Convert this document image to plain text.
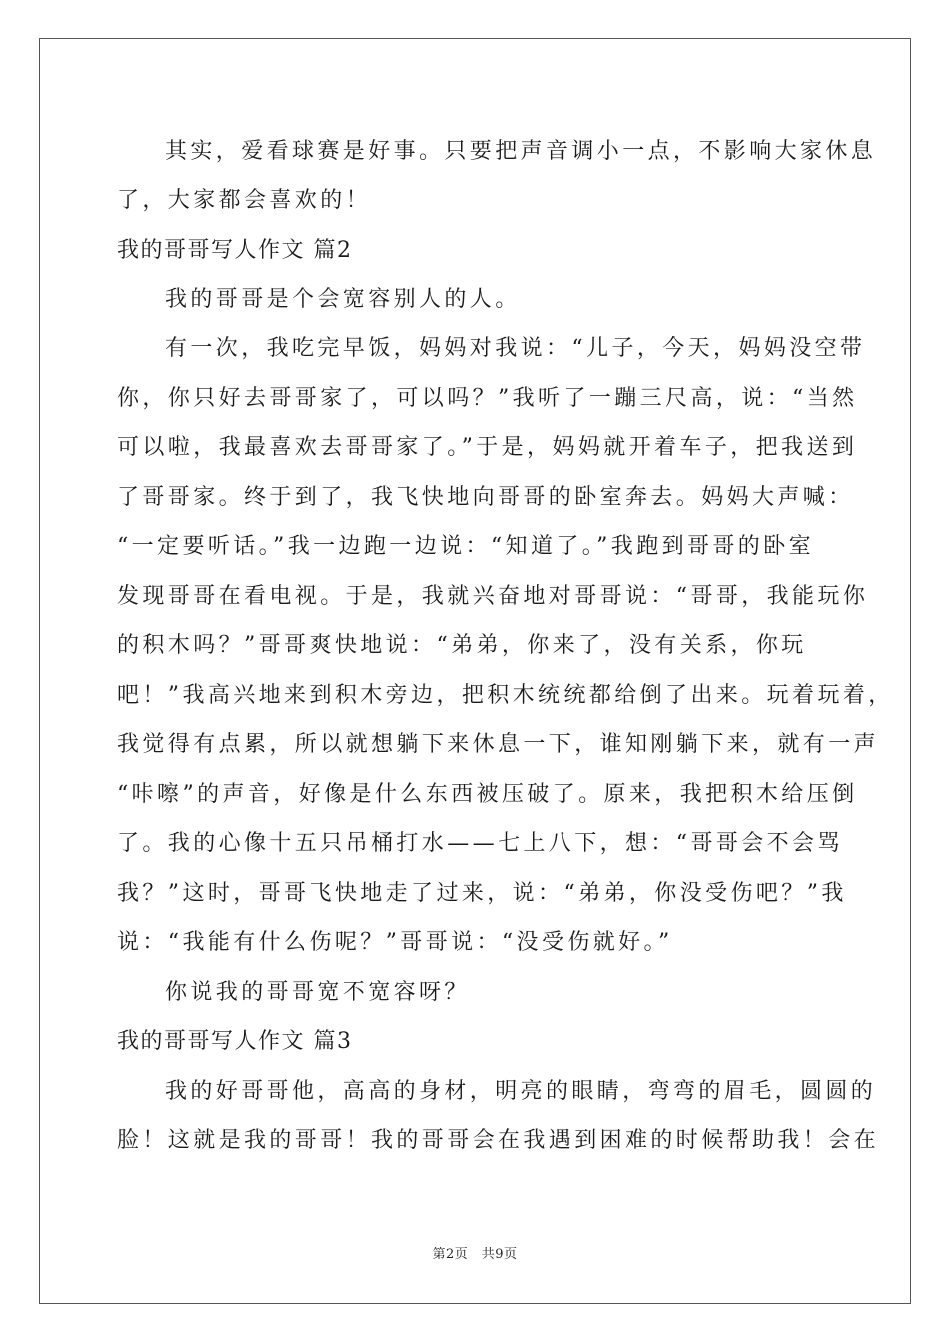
其实，爱看球赛是好事。只要把声音调小一点，不影响大家休息
了，大家都会喜欢的！
我的哥哥写人作文 篇2
我的哥哥是个会宽容别人的人。
有一次，我吃完早饭，妈妈对我说：“儿子，今天，妈妈没空带
你，你只好去哥哥家了，可以吗？”我听了一蹦三尺高，说：“当然
可以啦，我最喜欢去哥哥家了。”于是，妈妈就开着车子，把我送到
了哥哥家。终于到了，我飞快地向哥哥的卧室奔去。妈妈大声喊：
“一定要听话。”我一边跑一边说：“知道了。”我跑到哥哥的卧室
发现哥哥在看电视。于是，我就兴奋地对哥哥说：“哥哥，我能玩你
的积木吗？”哥哥爽快地说：“弟弟，你来了，没有关系，你玩
吧！”我高兴地来到积木旁边，把积木统统都给倒了出来。玩着玩着，
我觉得有点累，所以就想躺下来休息一下，谁知刚躺下来，就有一声
“咔嚓”的声音，好像是什么东西被压破了。原来，我把积木给压倒
了。我的心像十五只吊桶打水——七上八下，想：“哥哥会不会骂
我？”这时，哥哥飞快地走了过来，说：“弟弟，你没受伤吧？”我
说：“我能有什么伤呢？”哥哥说：“没受伤就好。”
你说我的哥哥宽不宽容呀？
我的哥哥写人作文 篇3
我的好哥哥他，高高的身材，明亮的眼睛，弯弯的眉毛，圆圆的
脸！这就是我的哥哥！我的哥哥会在我遇到困难的时候帮助我！会在
第2页　共9页
